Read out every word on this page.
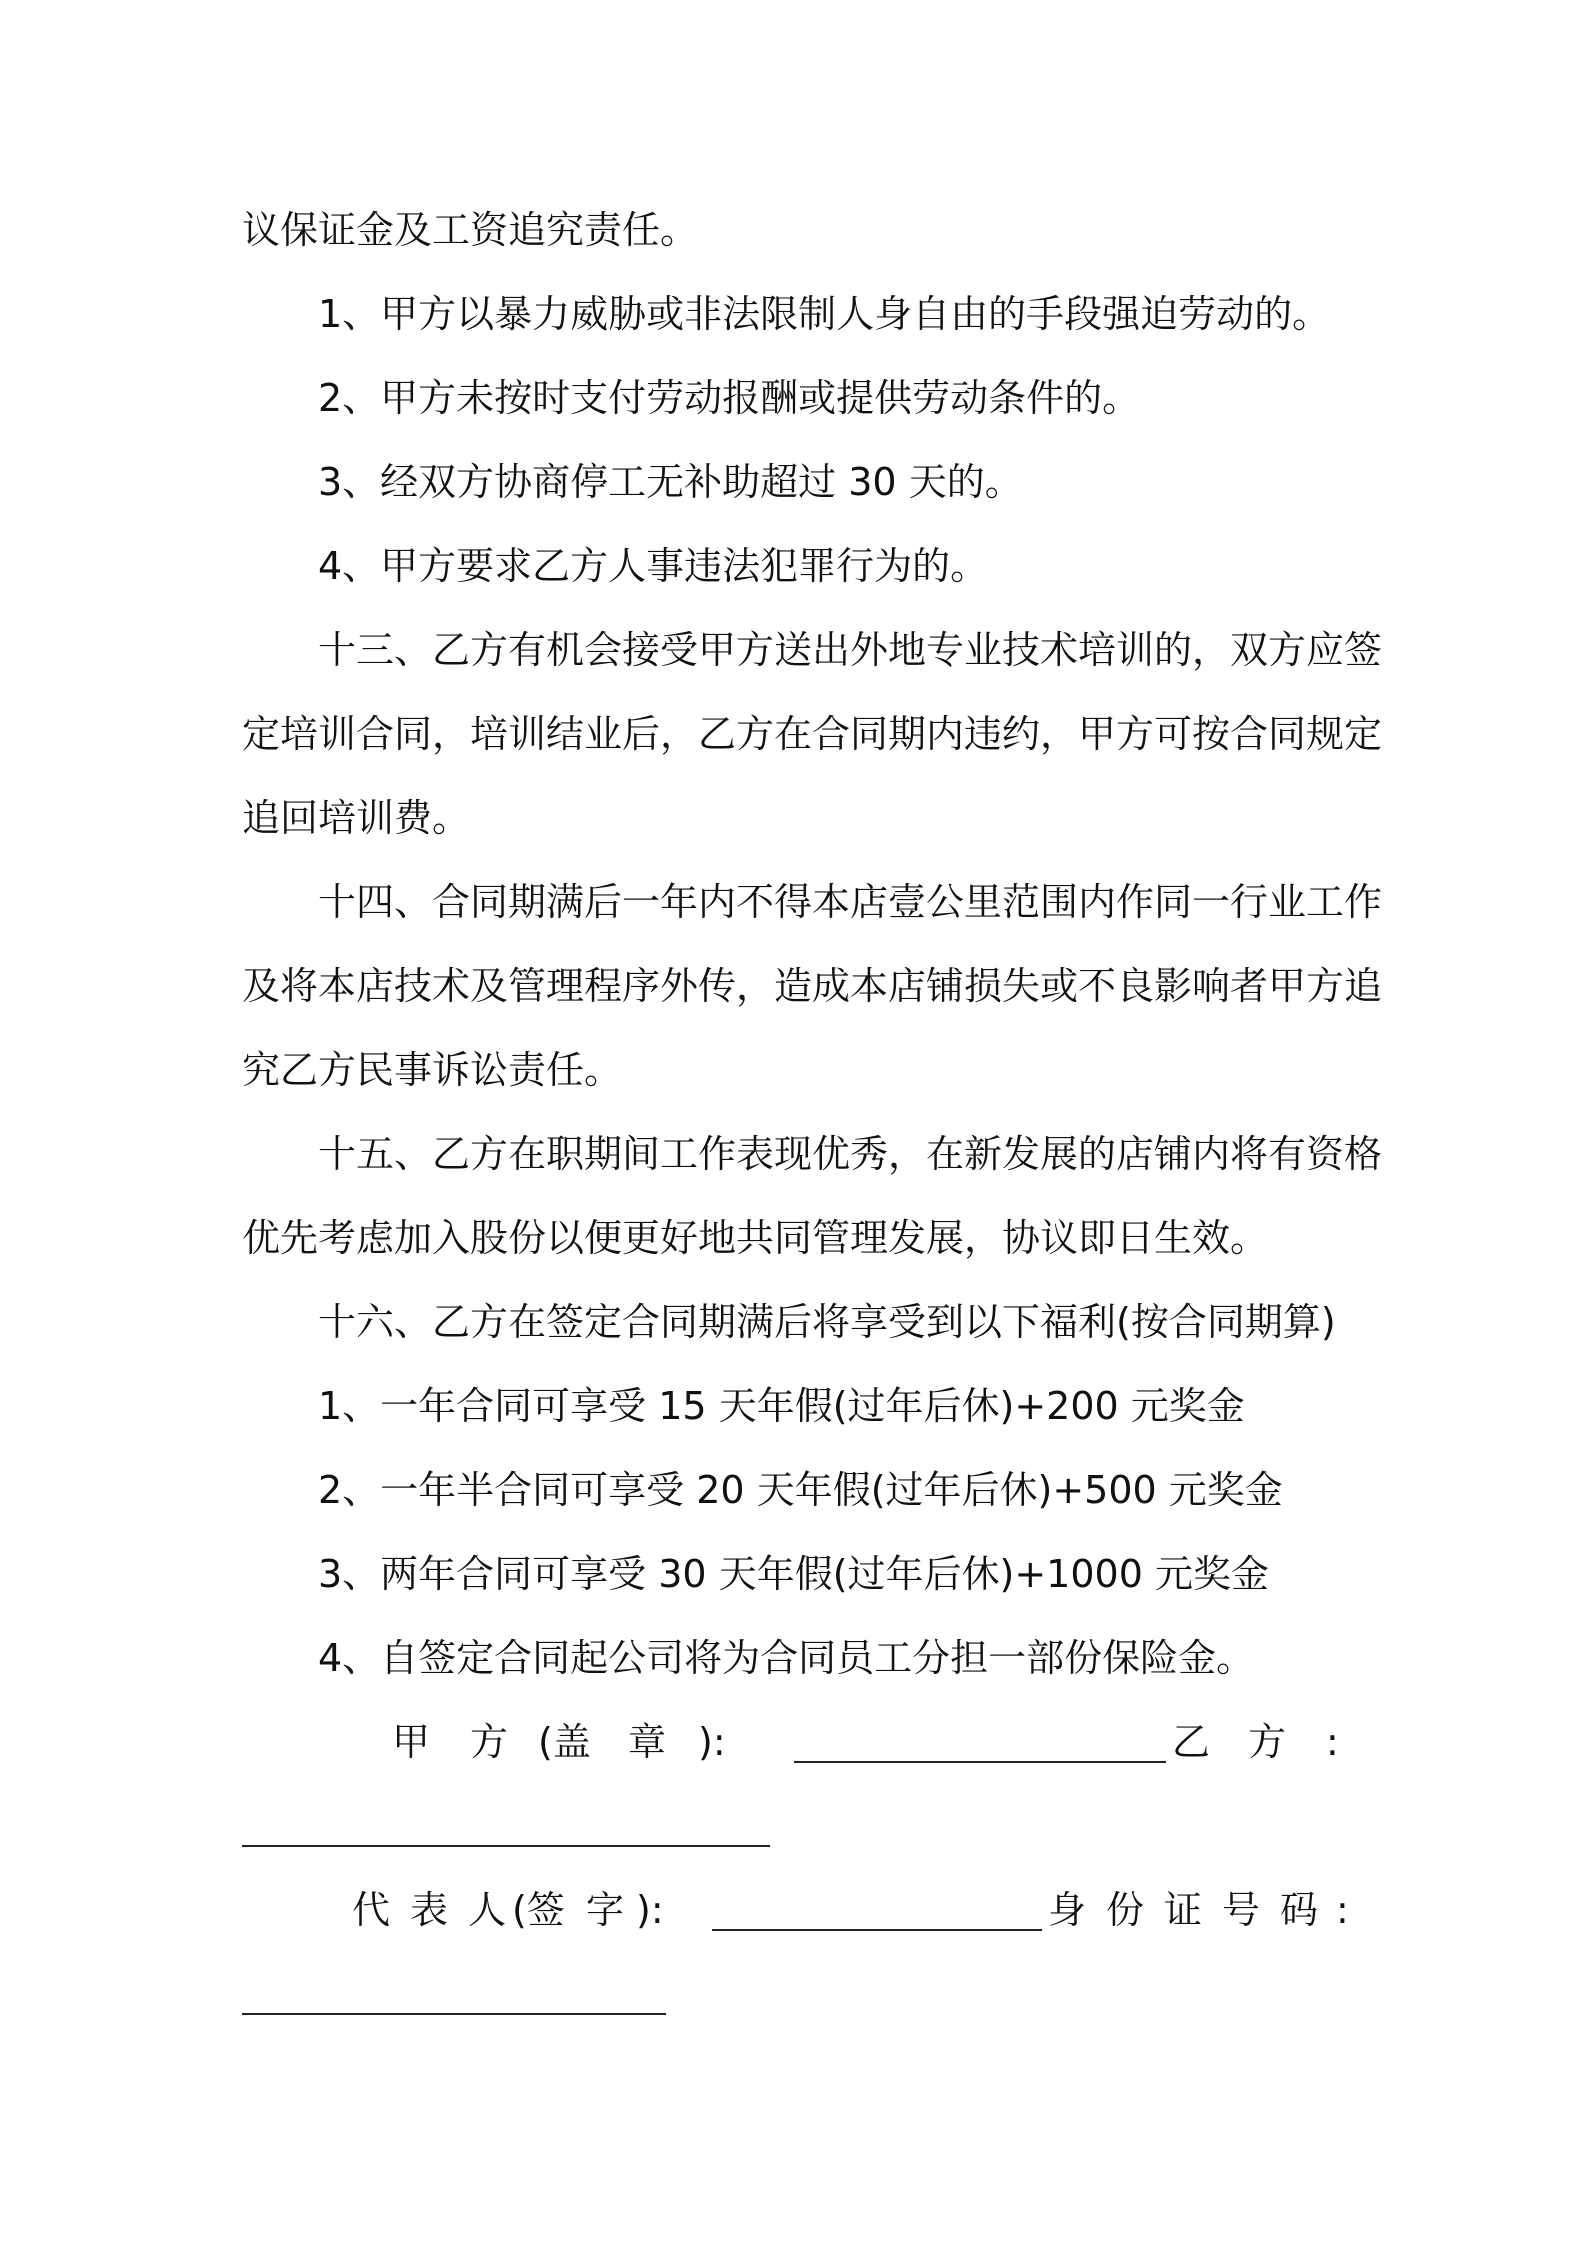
议保证金及工资追究责任。
1、甲方以暴力威胁或非法限制人身自由的手段强迫劳动的。
2、甲方未按时支付劳动报酬或提供劳动条件的。
3、经双方协商停工无补助超过 30 天的。
4、甲方要求乙方人事违法犯罪行为的。
十三、乙方有机会接受甲方送出外地专业技术培训的，双方应签
定培训合同，培训结业后，乙方在合同期内违约，甲方可按合同规定
追回培训费。
十四、合同期满后一年内不得本店壹公里范围内作同一行业工作
及将本店技术及管理程序外传，造成本店铺损失或不良影响者甲方追
究乙方民事诉讼责任。
十五、乙方在职期间工作表现优秀，在新发展的店铺内将有资格
优先考虑加入股份以便更好地共同管理发展，协议即日生效。
十六、乙方在签定合同期满后将享受到以下福利(按合同期算)
1、一年合同可享受 15 天年假(过年后休)+200 元奖金
2、一年半合同可享受 20 天年假(过年后休)+500 元奖金
3、两年合同可享受 30 天年假(过年后休)+1000 元奖金
4、自签定合同起公司将为合同员工分担一部份保险金。
甲 方 (盖 章 ):	乙 方 :
代 表 人 (签 字 ):	身 份 证 号 码 :
